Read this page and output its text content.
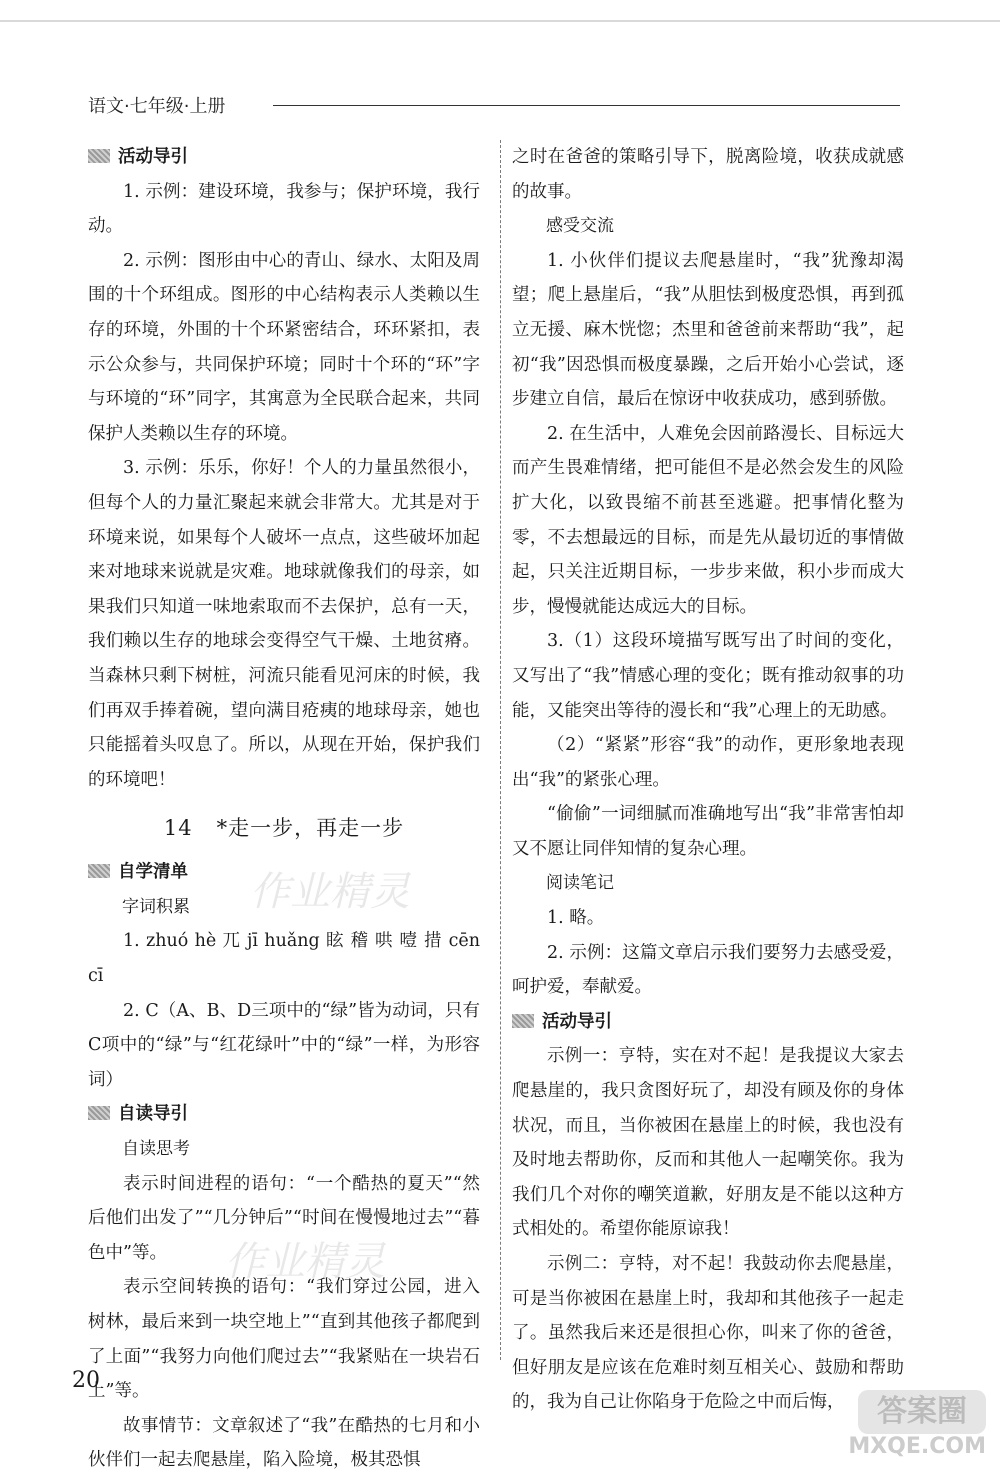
语文·七年级·上册

活动导引

1. 示例：建设环境，我参与；保护环境，我行动。

2. 示例：图形由中心的青山、绿水、太阳及周围的十个环组成。图形的中心结构表示人类赖以生存的环境，外围的十个环紧密结合，环环紧扣，表示公众参与，共同保护环境；同时十个环的“环”字与环境的“环”同字，其寓意为全民联合起来，共同保护人类赖以生存的环境。

3. 示例：乐乐，你好！个人的力量虽然很小，但每个人的力量汇聚起来就会非常大。尤其是对于环境来说，如果每个人破坏一点点，这些破坏加起来对地球来说就是灾难。地球就像我们的母亲，如果我们只知道一味地索取而不去保护，总有一天，我们赖以生存的地球会变得空气干燥、土地贫瘠。当森林只剩下树桩，河流只能看见河床的时候，我们再双手捧着碗，望向满目疮痍的地球母亲，她也只能摇着头叹息了。所以，从现在开始，保护我们的环境吧！

14 *走一步，再走一步

自学清单

字词积累

1. zhuó hè 兀 jī huǎng 眩 稽 哄 噎 措 cēn cī

2. C（A、B、D三项中的“绿”皆为动词，只有C项中的“绿”与“红花绿叶”中的“绿”一样，为形容词）

自读导引

自读思考

表示时间进程的语句：“一个酷热的夏天”“然后他们出发了”“几分钟后”“时间在慢慢地过去”“暮色中”等。

表示空间转换的语句：“我们穿过公园，进入树林，最后来到一块空地上”“直到其他孩子都爬到了上面”“我努力向他们爬过去”“我紧贴在一块岩石上”等。

故事情节：文章叙述了“我”在酷热的七月和小伙伴们一起去爬悬崖，陷入险境，极其恐惧

之时在爸爸的策略引导下，脱离险境，收获成就感的故事。

感受交流

1. 小伙伴们提议去爬悬崖时，“我”犹豫却渴望；爬上悬崖后，“我”从胆怯到极度恐惧，再到孤立无援、麻木恍惚；杰里和爸爸前来帮助“我”，起初“我”因恐惧而极度暴躁，之后开始小心尝试，逐步建立自信，最后在惊讶中收获成功，感到骄傲。

2. 在生活中，人难免会因前路漫长、目标远大而产生畏难情绪，把可能但不是必然会发生的风险扩大化，以致畏缩不前甚至逃避。把事情化整为零，不去想最远的目标，而是先从最切近的事情做起，只关注近期目标，一步步来做，积小步而成大步，慢慢就能达成远大的目标。

3.（1）这段环境描写既写出了时间的变化，又写出了“我”情感心理的变化；既有推动叙事的功能，又能突出等待的漫长和“我”心理上的无助感。

（2）“紧紧”形容“我”的动作，更形象地表现出“我”的紧张心理。

“偷偷”一词细腻而准确地写出“我”非常害怕却又不愿让同伴知情的复杂心理。

阅读笔记

1. 略。

2. 示例：这篇文章启示我们要努力去感受爱，呵护爱，奉献爱。

活动导引

示例一：亨特，实在对不起！是我提议大家去爬悬崖的，我只贪图好玩了，却没有顾及你的身体状况，而且，当你被困在悬崖上的时候，我也没有及时地去帮助你，反而和其他人一起嘲笑你。我为我们几个对你的嘲笑道歉，好朋友是不能以这种方式相处的。希望你能原谅我！

示例二：亨特，对不起！我鼓动你去爬悬崖，可是当你被困在悬崖上时，我却和其他孩子一起走了。虽然我后来还是很担心你，叫来了你的爸爸，但好朋友是应该在危难时刻互相关心、鼓励和帮助的，我为自己让你陷身于危险之中而后悔，

20
作业精灵
作业精灵
答案圈
MXQE.COM
